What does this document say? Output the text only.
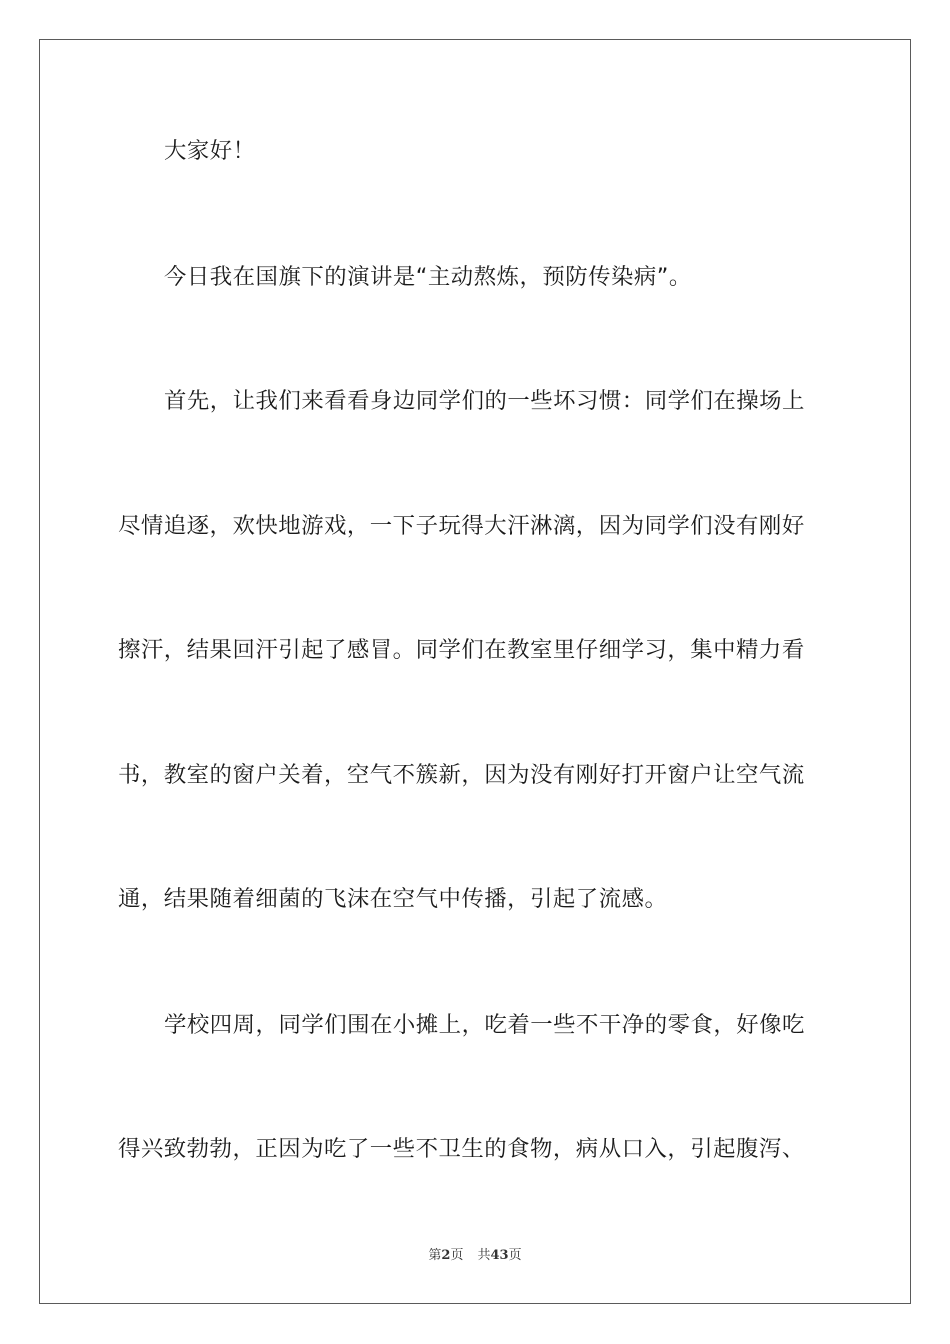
大家好！

今日我在国旗下的演讲是“主动熬炼，预防传染病”。

首先，让我们来看看身边同学们的一些坏习惯：同学们在操场上

尽情追逐，欢快地游戏，一下子玩得大汗淋漓，因为同学们没有刚好

擦汗，结果回汗引起了感冒。同学们在教室里仔细学习，集中精力看

书，教室的窗户关着，空气不簇新，因为没有刚好打开窗户让空气流

通，结果随着细菌的飞沫在空气中传播，引起了流感。

学校四周，同学们围在小摊上，吃着一些不干净的零食，好像吃

得兴致勃勃，正因为吃了一些不卫生的食物，病从口入，引起腹泻、

第2页 共43页
